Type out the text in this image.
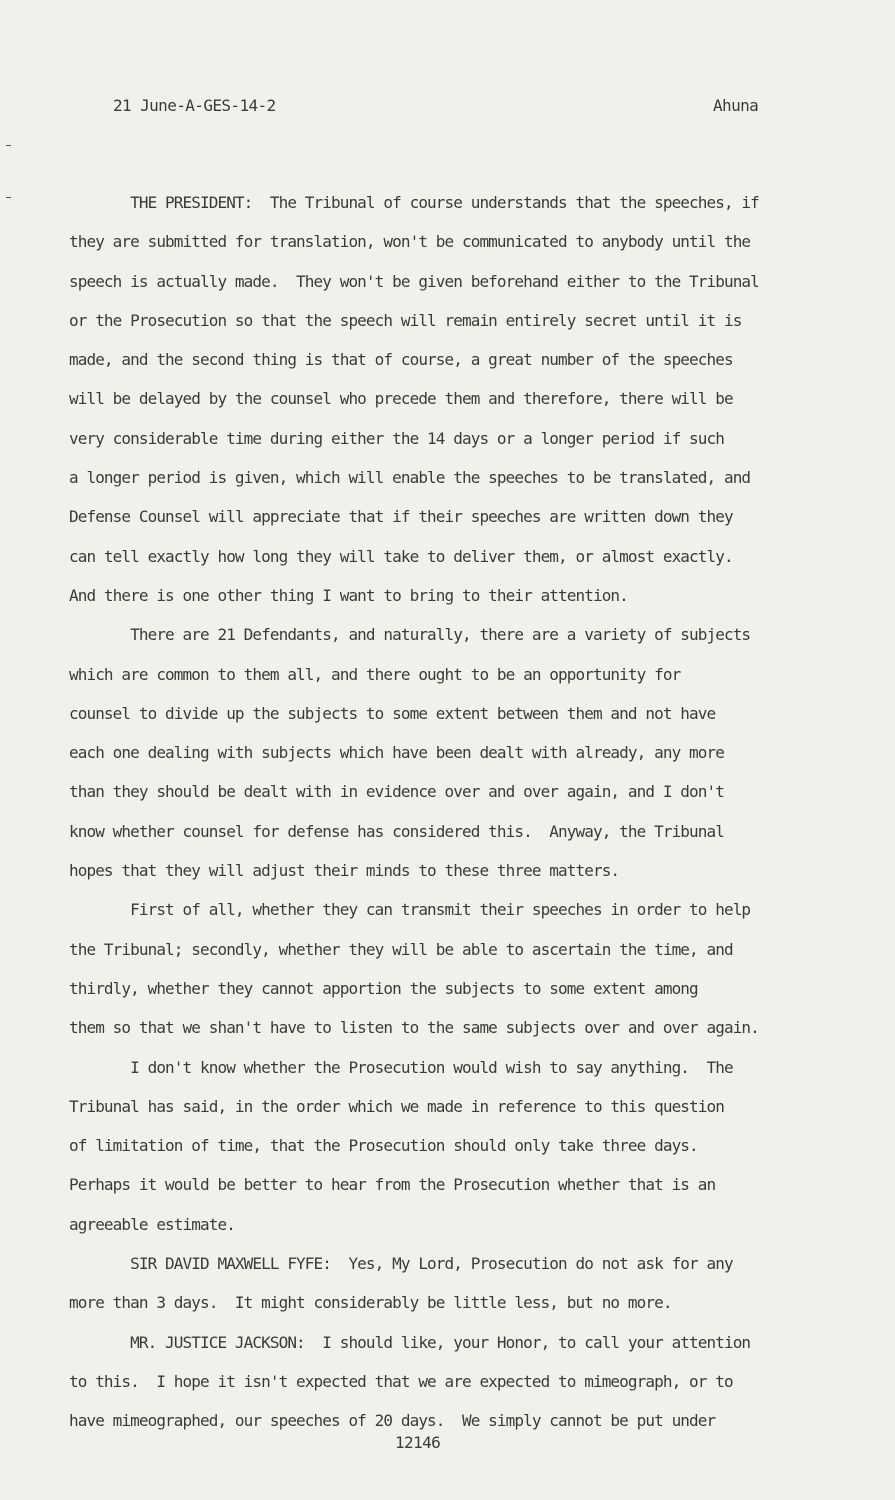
21 June-A-GES-14-2	Ahuna
THE PRESIDENT:  The Tribunal of course understands that the speeches, if
they are submitted for translation, won't be communicated to anybody until the
speech is actually made.  They won't be given beforehand either to the Tribunal
or the Prosecution so that the speech will remain entirely secret until it is
made, and the second thing is that of course, a great number of the speeches
will be delayed by the counsel who precede them and therefore, there will be
very considerable time during either the 14 days or a longer period if such
a longer period is given, which will enable the speeches to be translated, and
Defense Counsel will appreciate that if their speeches are written down they
can tell exactly how long they will take to deliver them, or almost exactly.
And there is one other thing I want to bring to their attention.
There are 21 Defendants, and naturally, there are a variety of subjects
which are common to them all, and there ought to be an opportunity for
counsel to divide up the subjects to some extent between them and not have
each one dealing with subjects which have been dealt with already, any more
than they should be dealt with in evidence over and over again, and I don't
know whether counsel for defense has considered this.  Anyway, the Tribunal
hopes that they will adjust their minds to these three matters.
First of all, whether they can transmit their speeches in order to help
the Tribunal; secondly, whether they will be able to ascertain the time, and
thirdly, whether they cannot apportion the subjects to some extent among
them so that we shan't have to listen to the same subjects over and over again.
I don't know whether the Prosecution would wish to say anything.  The
Tribunal has said, in the order which we made in reference to this question
of limitation of time, that the Prosecution should only take three days.
Perhaps it would be better to hear from the Prosecution whether that is an
agreeable estimate.
SIR DAVID MAXWELL FYFE:  Yes, My Lord, Prosecution do not ask for any
more than 3 days.  It might considerably be little less, but no more.
MR. JUSTICE JACKSON:  I should like, your Honor, to call your attention
to this.  I hope it isn't expected that we are expected to mimeograph, or to
have mimeographed, our speeches of 20 days.  We simply cannot be put under
12146
